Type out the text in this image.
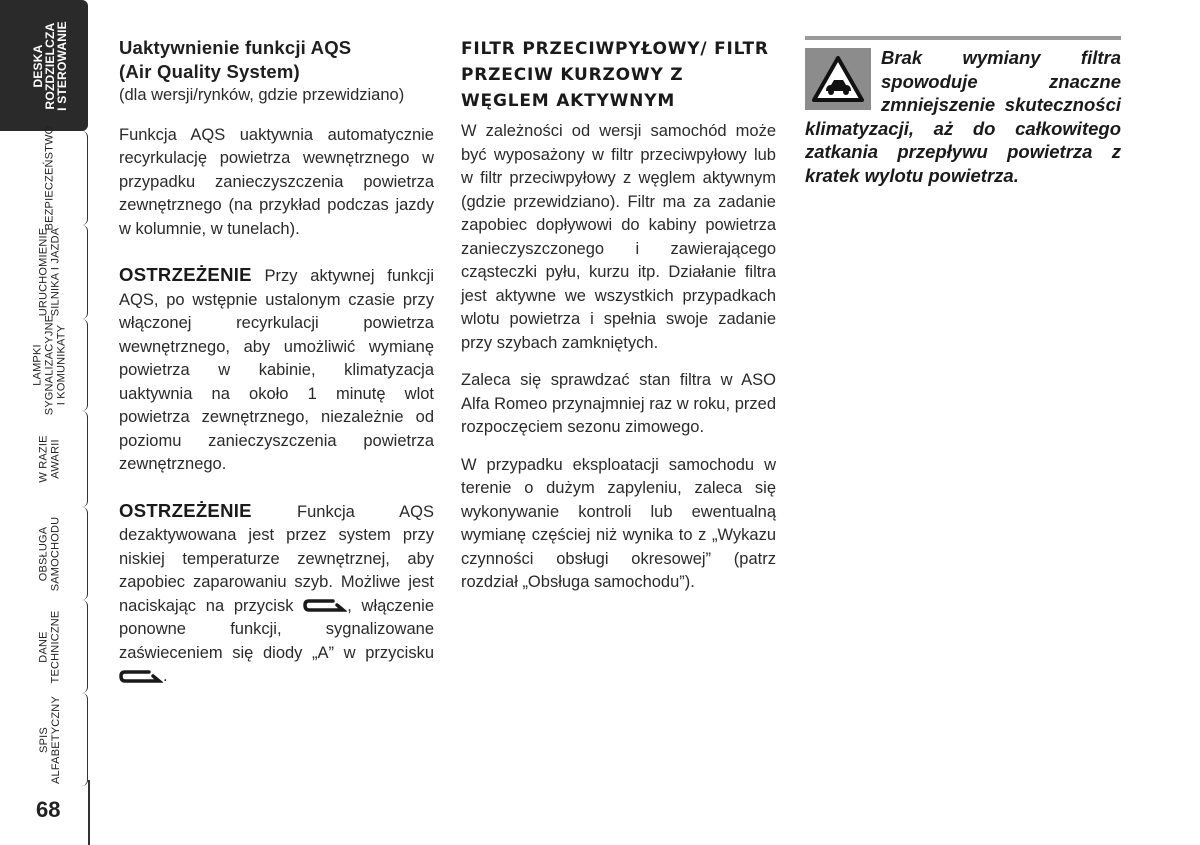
DESKA
ROZDZIELCZA
I STEROWANIE
BEZPIECZEŃSTWO
URUCHOMIENIE
SILNIKA I JAZDA
LAMPKI
SYGNALIZACYJNE
I KOMUNIKATY
W RAZIE
AWARII
OBSŁUGA
SAMOCHODU
DANE
TECHNICZNE
SPIS
ALFABETYCZNY
68
Uaktywnienie funkcji AQS
(Air Quality System)

(dla wersji/rynków, gdzie przewidziano)

Funkcja AQS uaktywnia automatycznie recyrkulację powietrza wewnętrznego w przypadku zanieczyszczenia powietrza zewnętrznego (na przykład podczas jazdy w kolumnie, w tunelach).

OSTRZEŻENIE Przy aktywnej funkcji AQS, po wstępnie ustalonym czasie przy włączonej recyrkulacji powietrza wewnętrznego, aby umożliwić wymianę powietrza w kabinie, klimatyzacja uaktywnia na około 1 minutę wlot powietrza zewnętrznego, niezależnie od poziomu zanieczyszczenia powietrza zewnętrznego.

OSTRZEŻENIE Funkcja AQS dezaktywowana jest przez system przy niskiej temperaturze zewnętrznej, aby zapobiec zaparowaniu szyb. Możliwe jest naciskając na przycisk	, włączenie ponowne funkcji, sygnalizowane zaświeceniem się diody „A” w przycisku .

FILTR PRZECIWPYŁOWY/ FILTR PRZECIW KURZOWY Z WĘGLEM AKTYWNYM

W zależności od wersji samochód może być wyposażony w filtr przeciwpyłowy lub w filtr przeciwpyłowy z węglem aktywnym (gdzie przewidziano). Filtr ma za zadanie zapobiec dopływowi do kabiny powietrza zanieczyszczonego i zawierającego cząsteczki pyłu, kurzu itp. Działanie filtra jest aktywne we wszystkich przypadkach wlotu powietrza i spełnia swoje zadanie przy szybach zamkniętych.

Zaleca się sprawdzać stan filtra w ASO Alfa Romeo przynajmniej raz w roku, przed rozpoczęciem sezonu zimowego.

W przypadku eksploatacji samochodu w terenie o dużym zapyleniu, zaleca się wykonywanie kontroli lub ewentualną wymianę częściej niż wynika to z „Wykazu czynności obsługi okresowej” (patrz rozdział „Obsługa samochodu”).

Brak wymiany filtra spowoduje znaczne zmniejszenie skuteczności klimatyzacji, aż do całkowitego zatkania przepływu powietrza z kratek wylotu powietrza.
